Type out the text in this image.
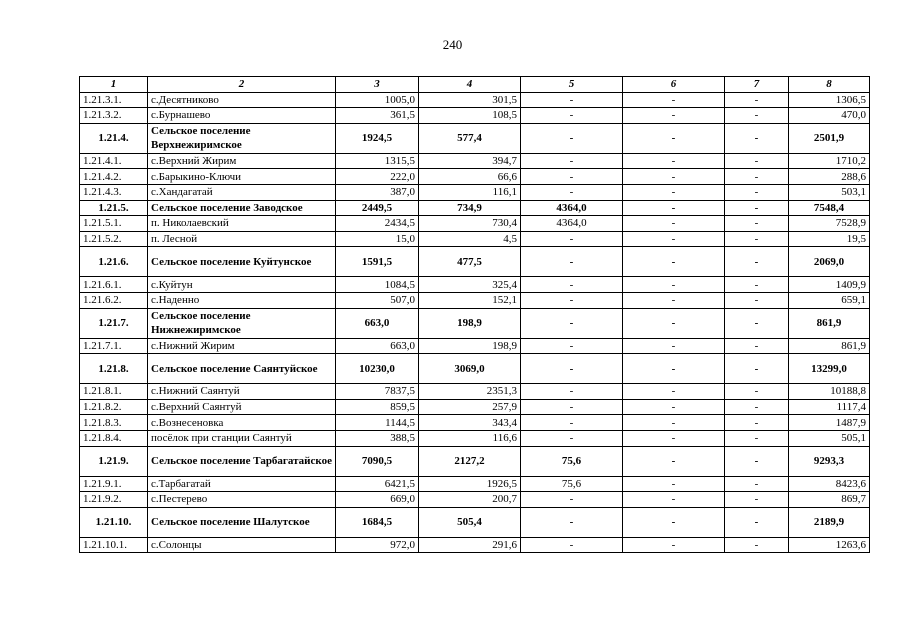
240
1	2	3	4	5	6	7	8
1.21.3.1.	с.Десятниково	1005,0	301,5	-	-	-	1306,5
1.21.3.2.	с.Бурнашево	361,5	108,5	-	-	-	470,0
1.21.4.	Сельское поселение Верхнежиримское	1924,5	577,4	-	-	-	2501,9
1.21.4.1.	с.Верхний Жирим	1315,5	394,7	-	-	-	1710,2
1.21.4.2.	с.Барыкино-Ключи	222,0	66,6	-	-	-	288,6
1.21.4.3.	с.Хандагатай	387,0	116,1	-	-	-	503,1
1.21.5.	Сельское поселение Заводское	2449,5	734,9	4364,0	-	-	7548,4
1.21.5.1.	п. Николаевский	2434,5	730,4	4364,0	-	-	7528,9
1.21.5.2.	п. Лесной	15,0	4,5	-	-	-	19,5
1.21.6.	Сельское поселение Куйтунское	1591,5	477,5	-	-	-	2069,0
1.21.6.1.	с.Куйтун	1084,5	325,4	-	-	-	1409,9
1.21.6.2.	с.Наденно	507,0	152,1	-	-	-	659,1
1.21.7.	Сельское поселение Нижнежиримское	663,0	198,9	-	-	-	861,9
1.21.7.1.	с.Нижний Жирим	663,0	198,9	-	-	-	861,9
1.21.8.	Сельское поселение Саянтуйское	10230,0	3069,0	-	-	-	13299,0
1.21.8.1.	с.Нижний Саянтуй	7837,5	2351,3	-	-	-	10188,8
1.21.8.2.	с.Верхний Саянтуй	859,5	257,9	-	-	-	1117,4
1.21.8.3.	с.Вознесеновка	1144,5	343,4	-	-	-	1487,9
1.21.8.4.	посёлок при станции Саянтуй	388,5	116,6	-	-	-	505,1
1.21.9.	Сельское поселение Тарбагатайское	7090,5	2127,2	75,6	-	-	9293,3
1.21.9.1.	с.Тарбагатай	6421,5	1926,5	75,6	-	-	8423,6
1.21.9.2.	с.Пестерево	669,0	200,7	-	-	-	869,7
1.21.10.	Сельское поселение Шалутское	1684,5	505,4	-	-	-	2189,9
1.21.10.1.	с.Солонцы	972,0	291,6	-	-	-	1263,6
